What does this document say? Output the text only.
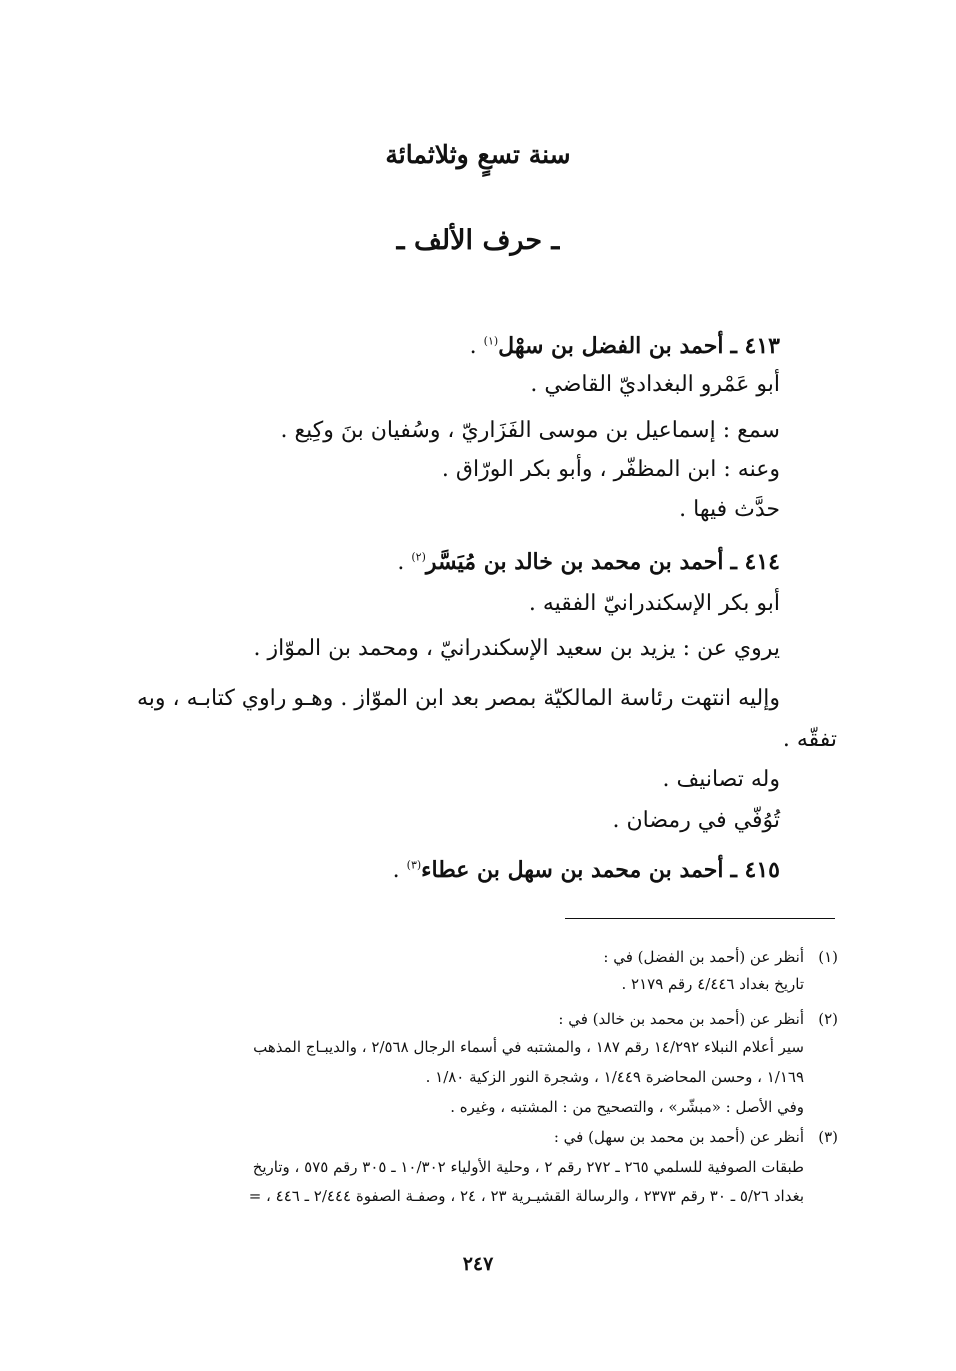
سنة تسعٍ وثلاثمائة
ـ حرف الألف ـ
٤١٣ ـ أحمد بن الفضل بن سهْل$^{(١)}$ .
أبو عَمْرو البغداديّ القاضي .
سمع : إسماعيل بن موسى الفَزَاريّ ، وسُفيان بنَ وكِيع .
وعنه : ابن المظفّر ، وأبو بكر الورّاق .
حدَّث فيها .
٤١٤ ـ أحمد بن محمد بن خالد بن مُيَسَّر$^{(٢)}$ .
أبو بكر الإسكندرانيّ الفقيه .
يروي عن : يزيد بن سعيد الإسكندرانيّ ، ومحمد بن الموّاز .
وإليه انتهت رئاسة المالكيّة بمصر بعد ابن الموّاز . وهـو راوي كتابـه ، وبه
تفقّه .
وله تصانيف .
تُوُفّي في رمضان .
٤١٥ ـ أحمد بن محمد بن سهل بن عطاء$^{(٣)}$ .
(١)
أنظر عن (أحمد بن الفضل) في :
تاريخ بغداد ٤/٤٤٦ رقم ٢١٧٩ .
(٢)
أنظر عن (أحمد بن محمد بن خالد) في :
سير أعلام النبلاء ١٤/٢٩٢ رقم ١٨٧ ، والمشتبه في أسماء الرجال ٢/٥٦٨ ، والديبـاج المذهب
١/١٦٩ ، وحسن المحاضرة ١/٤٤٩ ، وشجرة النور الزكية ١/٨٠ .
وفي الأصل : «مبشّر» ، والتصحيح من : المشتبه ، وغيره .
(٣)
أنظر عن (أحمد بن محمد بن سهل) في :
طبقات الصوفية للسلمي ٢٦٥ ـ ٢٧٢ رقم ٢ ، وحلية الأولياء ١٠/٣٠٢ ـ ٣٠٥ رقم ٥٧٥ ، وتاريخ
بغداد ٥/٢٦ ـ ٣٠ رقم ٢٣٧٣ ، والرسالة القشيـرية ٢٣ ، ٢٤ ، وصفـة الصفوة ٢/٤٤٤ ـ ٤٤٦ ، =
٢٤٧
